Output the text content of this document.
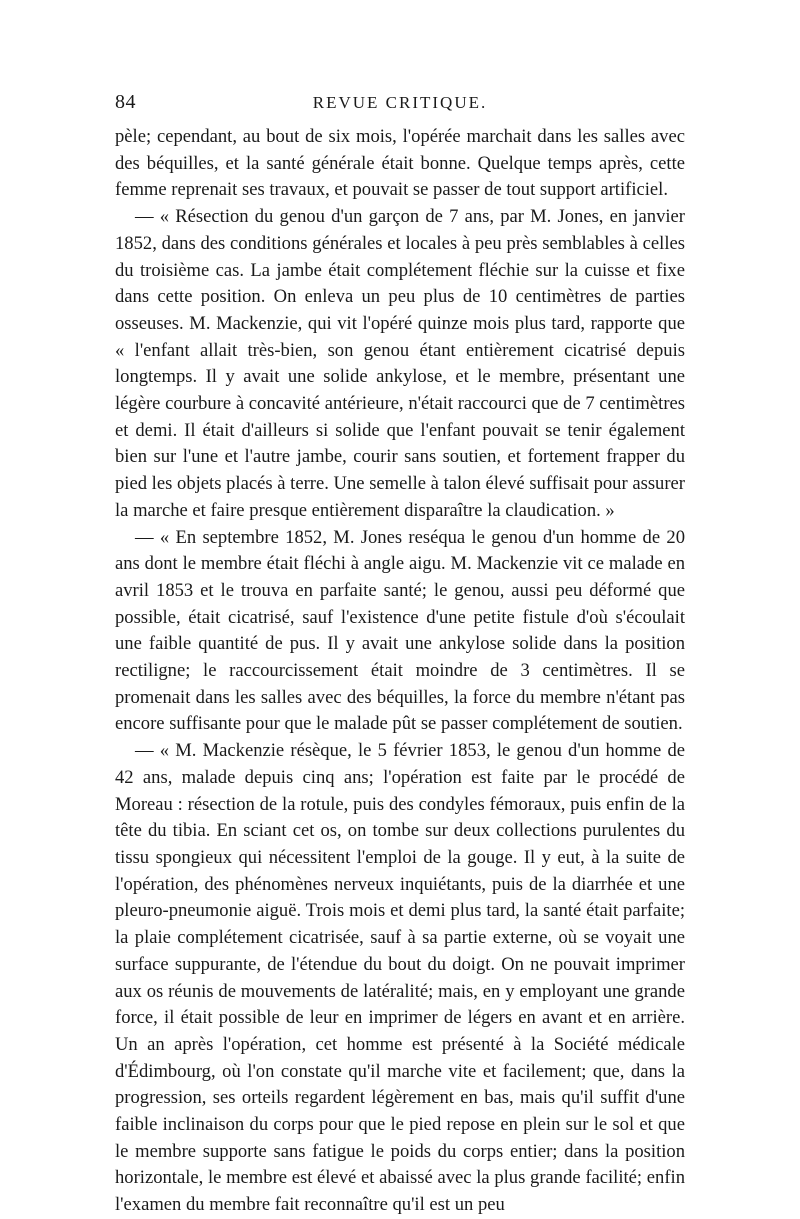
84	REVUE CRITIQUE.

pèle; cependant, au bout de six mois, l'opérée marchait dans les salles avec des béquilles, et la santé générale était bonne. Quelque temps après, cette femme reprenait ses travaux, et pouvait se passer de tout support artificiel.

— « Résection du genou d'un garçon de 7 ans, par M. Jones, en janvier 1852, dans des conditions générales et locales à peu près semblables à celles du troisième cas. La jambe était complétement fléchie sur la cuisse et fixe dans cette position. On enleva un peu plus de 10 centimètres de parties osseuses. M. Mackenzie, qui vit l'opéré quinze mois plus tard, rapporte que « l'enfant allait très-bien, son genou étant entièrement cicatrisé depuis longtemps. Il y avait une solide ankylose, et le membre, présentant une légère courbure à concavité antérieure, n'était raccourci que de 7 centimètres et demi. Il était d'ailleurs si solide que l'enfant pouvait se tenir également bien sur l'une et l'autre jambe, courir sans soutien, et fortement frapper du pied les objets placés à terre. Une semelle à talon élevé suffisait pour assurer la marche et faire presque entièrement disparaître la claudication. »

— « En septembre 1852, M. Jones reséqua le genou d'un homme de 20 ans dont le membre était fléchi à angle aigu. M. Mackenzie vit ce malade en avril 1853 et le trouva en parfaite santé; le genou, aussi peu déformé que possible, était cicatrisé, sauf l'existence d'une petite fistule d'où s'écoulait une faible quantité de pus. Il y avait une ankylose solide dans la position rectiligne; le raccourcissement était moindre de 3 centimètres. Il se promenait dans les salles avec des béquilles, la force du membre n'étant pas encore suffisante pour que le malade pût se passer complétement de soutien.

— « M. Mackenzie résèque, le 5 février 1853, le genou d'un homme de 42 ans, malade depuis cinq ans; l'opération est faite par le procédé de Moreau : résection de la rotule, puis des condyles fémoraux, puis enfin de la tête du tibia. En sciant cet os, on tombe sur deux collections purulentes du tissu spongieux qui nécessitent l'emploi de la gouge. Il y eut, à la suite de l'opération, des phénomènes nerveux inquiétants, puis de la diarrhée et une pleuro-pneumonie aiguë. Trois mois et demi plus tard, la santé était parfaite; la plaie complétement cicatrisée, sauf à sa partie externe, où se voyait une surface suppurante, de l'étendue du bout du doigt. On ne pouvait imprimer aux os réunis de mouvements de latéralité; mais, en y employant une grande force, il était possible de leur en imprimer de légers en avant et en arrière. Un an après l'opération, cet homme est présenté à la Société médicale d'Édimbourg, où l'on constate qu'il marche vite et facilement; que, dans la progression, ses orteils regardent légèrement en bas, mais qu'il suffit d'une faible inclinaison du corps pour que le pied repose en plein sur le sol et que le membre supporte sans fatigue le poids du corps entier; dans la position horizontale, le membre est élevé et abaissé avec la plus grande facilité; enfin l'examen du membre fait reconnaître qu'il est un peu
